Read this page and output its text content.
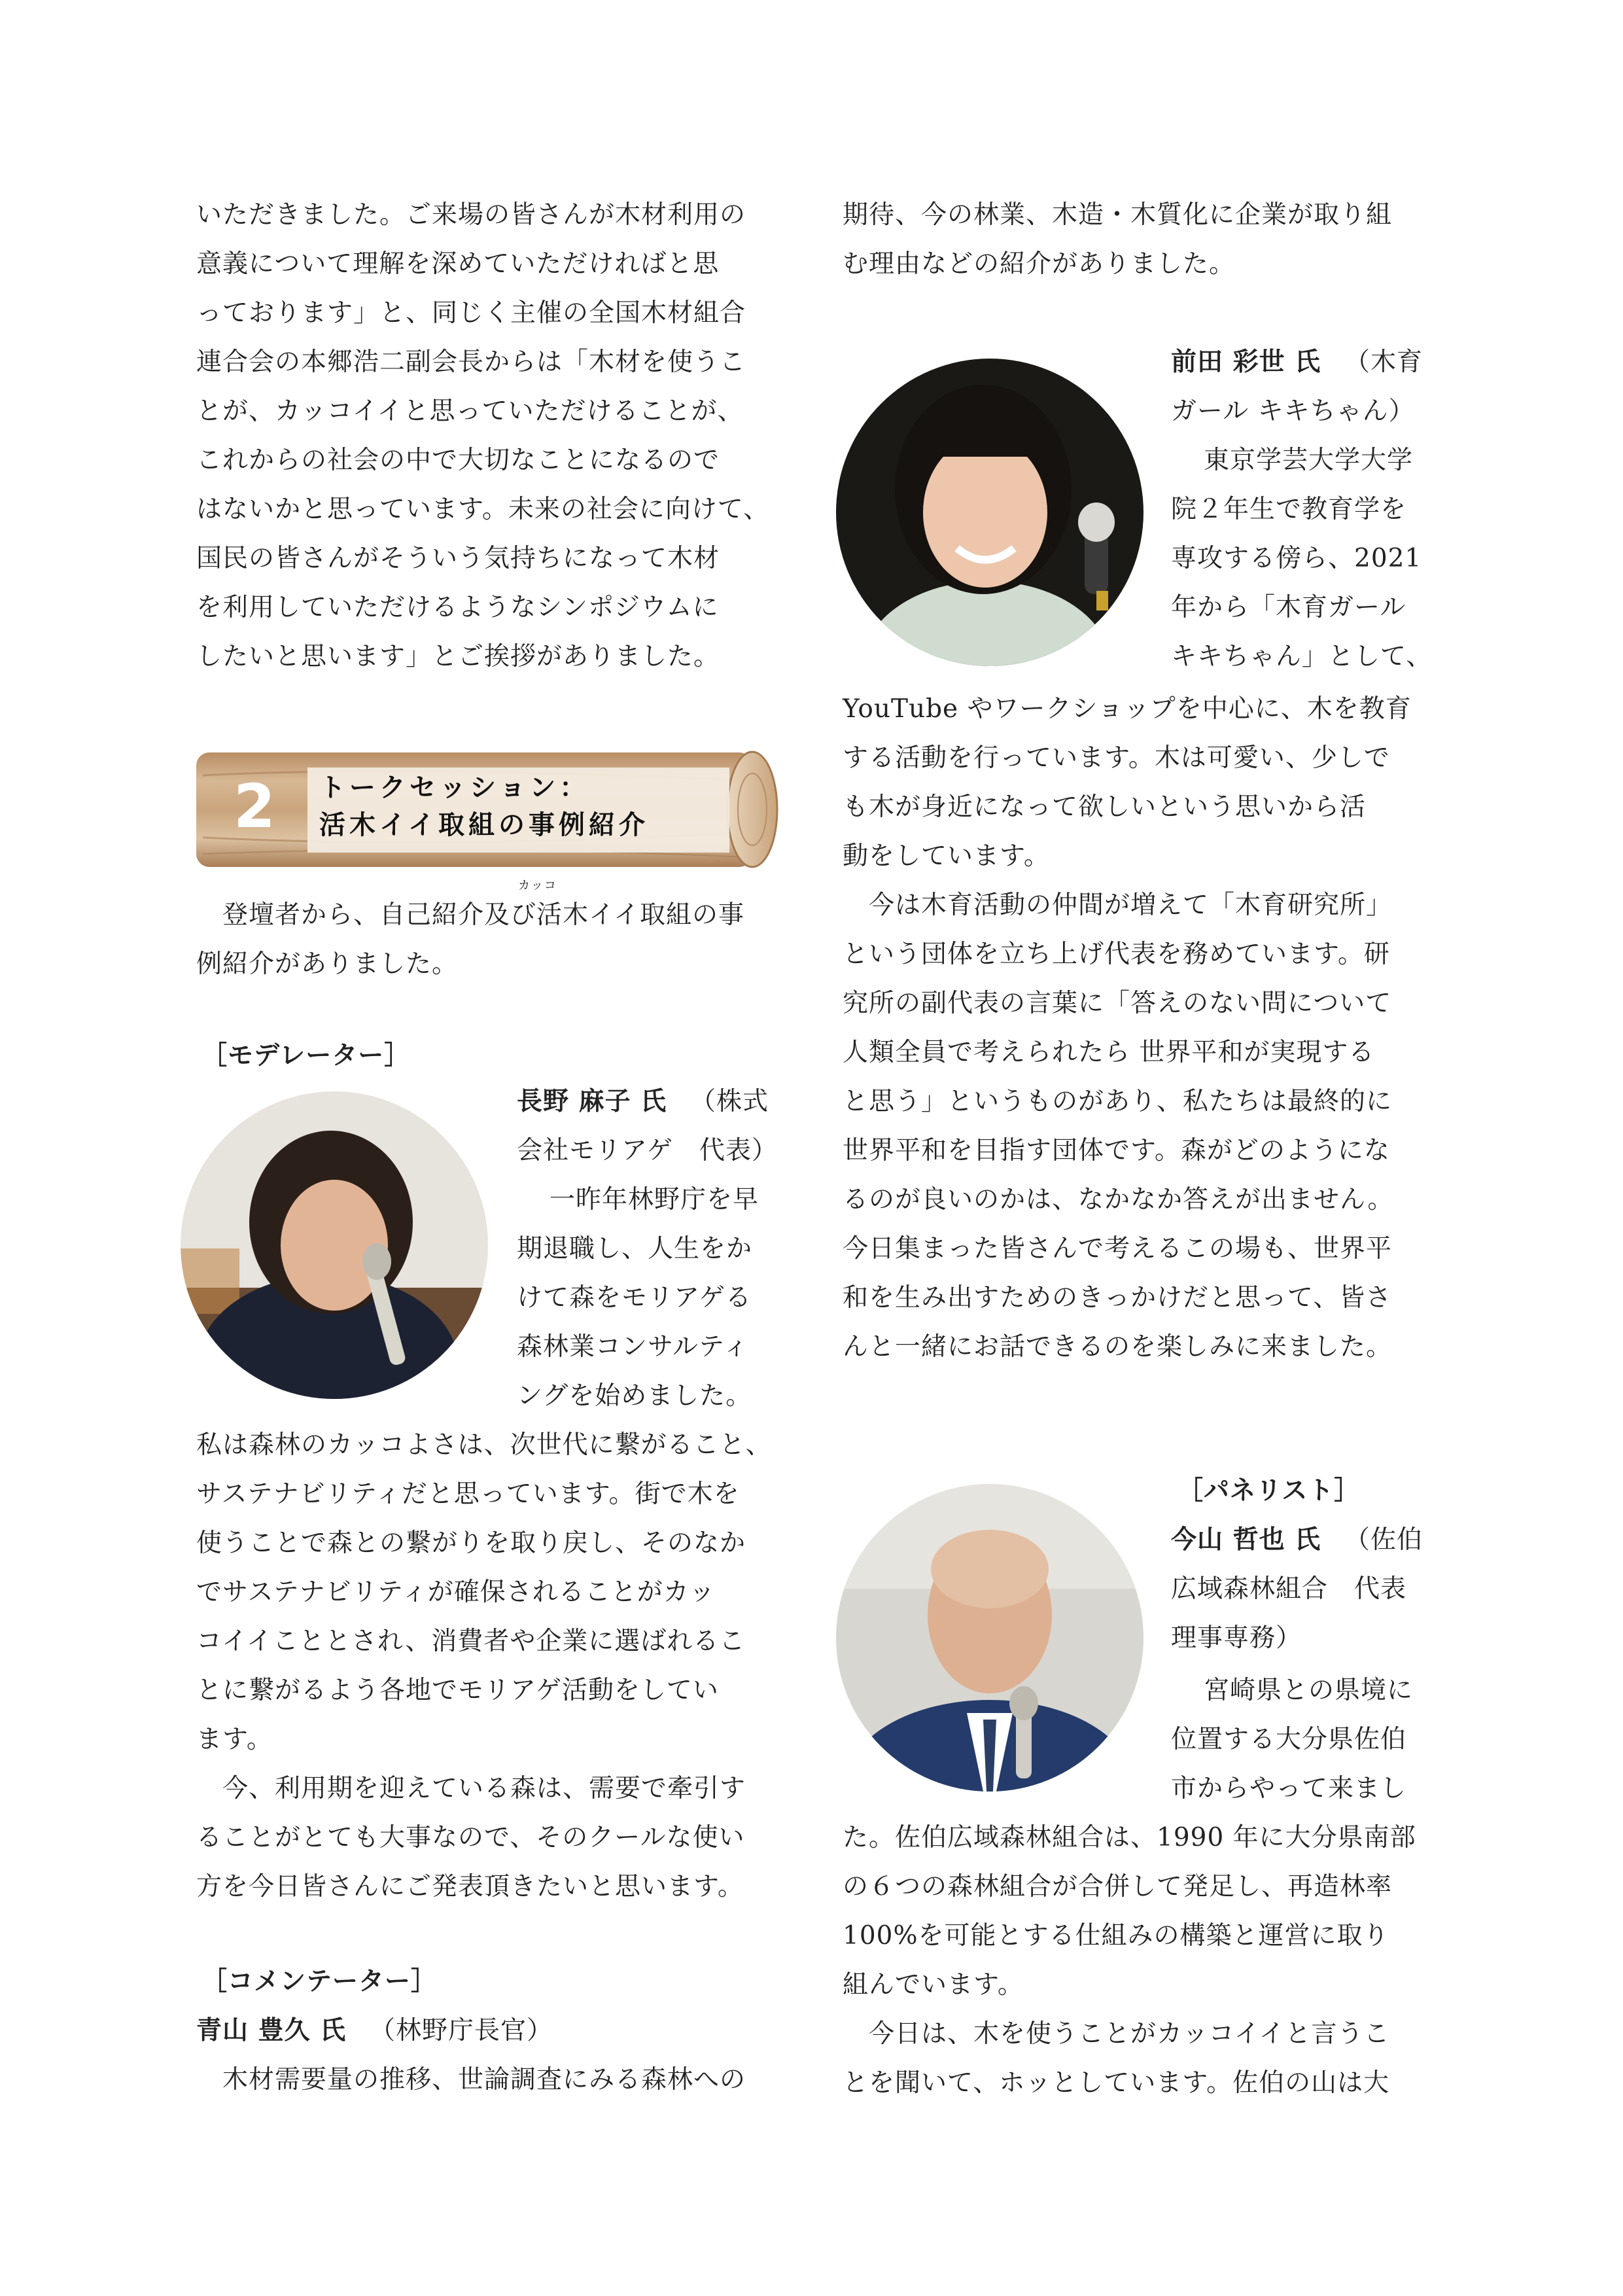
いただきました。ご来場の皆さんが木材利用の
意義について理解を深めていただければと思
っております」と、同じく主催の全国木材組合
連合会の本郷浩二副会長からは「木材を使うこ
とが、カッコイイと思っていただけることが、
これからの社会の中で大切なことになるので
はないかと思っています。未来の社会に向けて、
国民の皆さんがそういう気持ちになって木材
を利用していただけるようなシンポジウムに
したいと思います」とご挨拶がありました。
2 トークセッション：
活木イイ取組の事例紹介
登壇者から、自己紹介及び活木イイ取組の事
カッコ
例紹介がありました。
［モデレーター］
長野 麻子 氏 （株式
会社モリアゲ　代表）
一昨年林野庁を早
期退職し、人生をか
けて森をモリアゲる
森林業コンサルティ
ングを始めました。
私は森林のカッコよさは、次世代に繋がること、
サステナビリティだと思っています。街で木を
使うことで森との繋がりを取り戻し、そのなか
でサステナビリティが確保されることがカッ
コイイこととされ、消費者や企業に選ばれるこ
とに繋がるよう各地でモリアゲ活動をしてい
ます。
今、利用期を迎えている森は、需要で牽引す
ることがとても大事なので、そのクールな使い
方を今日皆さんにご発表頂きたいと思います。
［コメンテーター］
青山 豊久 氏 （林野庁長官）
木材需要量の推移、世論調査にみる森林への
期待、今の林業、木造・木質化に企業が取り組
む理由などの紹介がありました。
前田 彩世 氏 （木育
ガール キキちゃん）
東京学芸大学大学
院２年生で教育学を
専攻する傍ら、2021
年から「木育ガール
キキちゃん」として、
YouTube やワークショップを中心に、木を教育
する活動を行っています。木は可愛い、少しで
も木が身近になって欲しいという思いから活
動をしています。
今は木育活動の仲間が増えて「木育研究所」
という団体を立ち上げ代表を務めています。研
究所の副代表の言葉に「答えのない問について
人類全員で考えられたら 世界平和が実現する
と思う」というものがあり、私たちは最終的に
世界平和を目指す団体です。森がどのようにな
るのが良いのかは、なかなか答えが出ません。
今日集まった皆さんで考えるこの場も、世界平
和を生み出すためのきっかけだと思って、皆さ
んと一緒にお話できるのを楽しみに来ました。
［パネリスト］
今山 哲也 氏 （佐伯
広域森林組合　代表
理事専務）
宮崎県との県境に
位置する大分県佐伯
市からやって来まし
た。佐伯広域森林組合は、1990 年に大分県南部
の６つの森林組合が合併して発足し、再造林率
100%を可能とする仕組みの構築と運営に取り
組んでいます。
今日は、木を使うことがカッコイイと言うこ
とを聞いて、ホッとしています。佐伯の山は大
